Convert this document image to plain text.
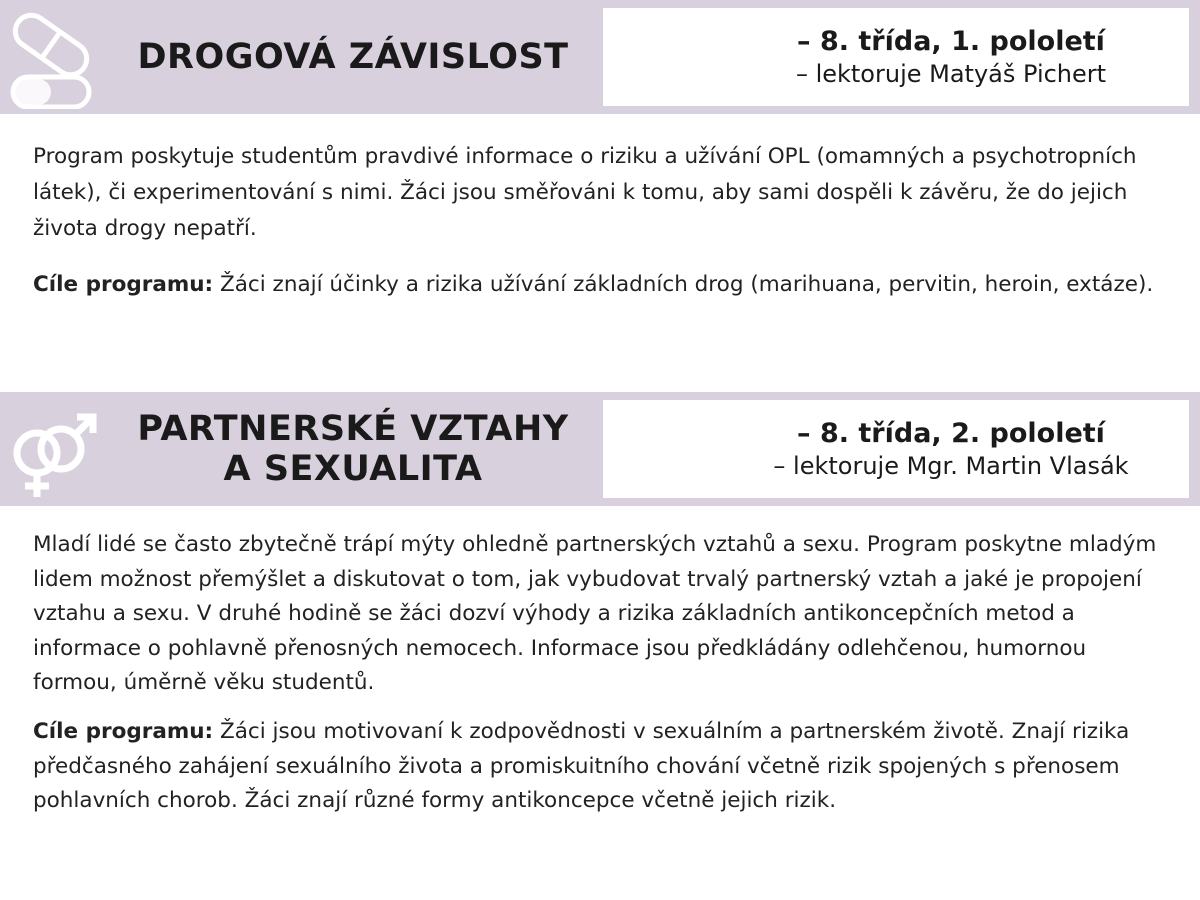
DROGOVÁ ZÁVISLOST	– 8. třída, 1. pololetí
– lektoruje Matyáš Pichert

Program poskytuje studentům pravdivé informace o riziku a užívání OPL (omamných a psychotropních látek), či experimentování s nimi. Žáci jsou směřováni k tomu, aby sami dospěli k závěru, že do jejich života drogy nepatří.

Cíle programu: Žáci znají účinky a rizika užívání základních drog (marihuana, pervitin, heroin, extáze).
PARTNERSKÉ VZTAHY
A SEXUALITA
– 8. třída, 2. pololetí
– lektoruje Mgr. Martin Vlasák

Mladí lidé se často zbytečně trápí mýty ohledně partnerských vztahů a sexu. Program poskytne mladým lidem možnost přemýšlet a diskutovat o tom, jak vybudovat trvalý partnerský vztah a jaké je propojení vztahu a sexu. V druhé hodině se žáci dozví výhody a rizika základních antikoncepčních metod a informace o pohlavně přenosných nemocech. Informace jsou předkládány odlehčenou, humornou formou, úměrně věku studentů.

Cíle programu: Žáci jsou motivovaní k zodpovědnosti v sexuálním a partnerském životě. Znají rizika předčasného zahájení sexuálního života a promiskuitního chování včetně rizik spojených s přenosem pohlavních chorob. Žáci znají různé formy antikoncepce včetně jejich rizik.
